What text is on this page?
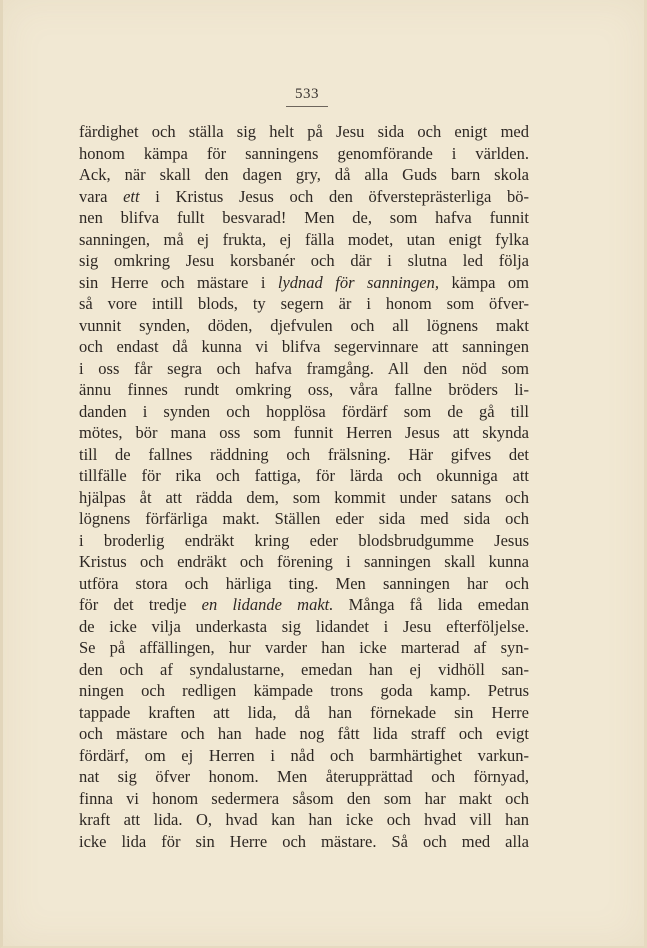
533
färdighet och ställa sig helt på Jesu sida och enigt med
honom kämpa för sanningens genomförande i världen.
Ack, när skall den dagen gry, då alla Guds barn skola
vara ett i Kristus Jesus och den öfversteprästerliga bö-
nen blifva fullt besvarad! Men de, som hafva funnit
sanningen, må ej frukta, ej fälla modet, utan enigt fylka
sig omkring Jesu korsbanér och där i slutna led följa
sin Herre och mästare i lydnad för sanningen, kämpa om
så vore intill blods, ty segern är i honom som öfver-
vunnit synden, döden, djefvulen och all lögnens makt
och endast då kunna vi blifva segervinnare att sanningen
i oss får segra och hafva framgång. All den nöd som
ännu finnes rundt omkring oss, våra fallne bröders li-
danden i synden och hopplösa fördärf som de gå till
mötes, bör mana oss som funnit Herren Jesus att skynda
till de fallnes räddning och frälsning. Här gifves det
tillfälle för rika och fattiga, för lärda och okunniga att
hjälpas åt att rädda dem, som kommit under satans och
lögnens förfärliga makt. Ställen eder sida med sida och
i broderlig endräkt kring eder blodsbrudgumme Jesus
Kristus och endräkt och förening i sanningen skall kunna
utföra stora och härliga ting. Men sanningen har och
för det tredje en lidande makt. Många få lida emedan
de icke vilja underkasta sig lidandet i Jesu efterföljelse.
Se på affällingen, hur varder han icke marterad af syn-
den och af syndalustarne, emedan han ej vidhöll san-
ningen och redligen kämpade trons goda kamp. Petrus
tappade kraften att lida, då han förnekade sin Herre
och mästare och han hade nog fått lida straff och evigt
fördärf, om ej Herren i nåd och barmhärtighet varkun-
nat sig öfver honom. Men återupprättad och förnyad,
finna vi honom sedermera såsom den som har makt och
kraft att lida. O, hvad kan han icke och hvad vill han
icke lida för sin Herre och mästare. Så och med alla
